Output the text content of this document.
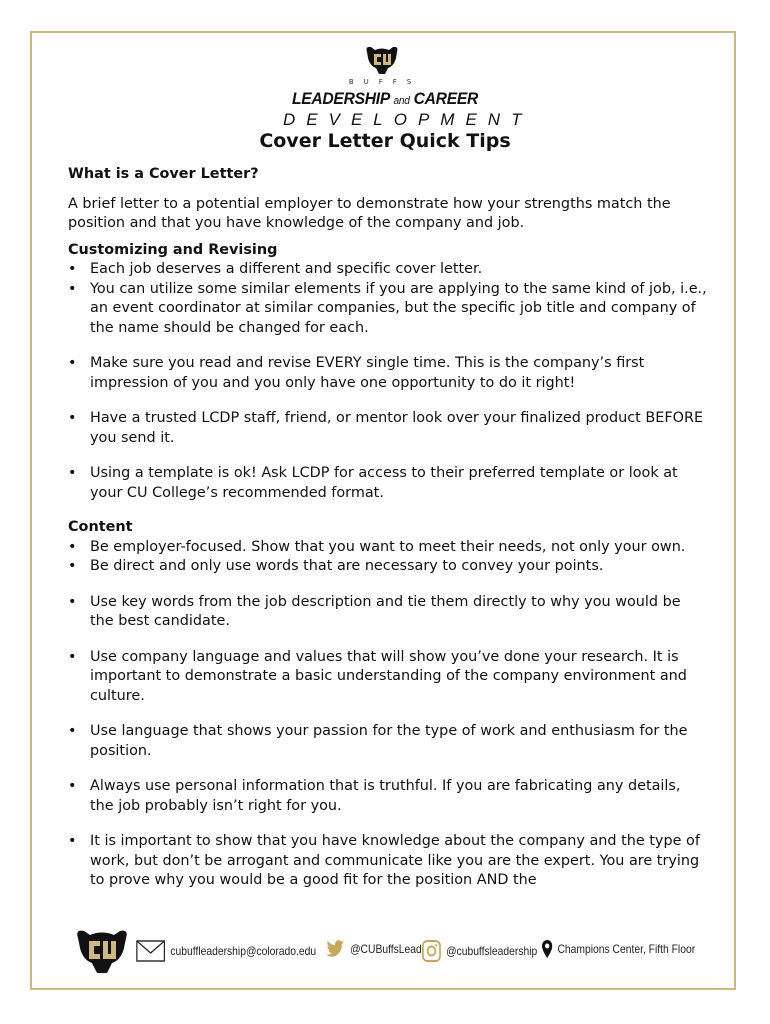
BUFFS
LEADERSHIP and CAREER
DEVELOPMENT
Cover Letter Quick Tips

What is a Cover Letter?

A brief letter to a potential employer to demonstrate how your strengths match the position and that you have knowledge of the company and job.

Customizing and Revising

• Each job deserves a different and specific cover letter.
• You can utilize some similar elements if you are applying to the same kind of job, i.e., an event coordinator at similar companies, but the specific job title and company of the name should be changed for each.
• Make sure you read and revise EVERY single time. This is the company’s first impression of you and you only have one opportunity to do it right!
• Have a trusted LCDP staff, friend, or mentor look over your finalized product BEFORE you send it.
• Using a template is ok! Ask LCDP for access to their preferred template or look at your CU College’s recommended format.

Content

• Be employer-focused. Show that you want to meet their needs, not only your own.
• Be direct and only use words that are necessary to convey your points.
• Use key words from the job description and tie them directly to why you would be the best candidate.
• Use company language and values that will show you’ve done your research. It is important to demonstrate a basic understanding of the company environment and culture.
• Use language that shows your passion for the type of work and enthusiasm for the position.
• Always use personal information that is truthful. If you are fabricating any details, the job probably isn’t right for you.
• It is important to show that you have knowledge about the company and the type of work, but don’t be arrogant and communicate like you are the expert. You are trying to prove why you would be a good fit for the position AND the
cubuffleadership@colorado.edu	@CUBuffsLead @cubuffsleadership Champions Center, Fifth Floor
